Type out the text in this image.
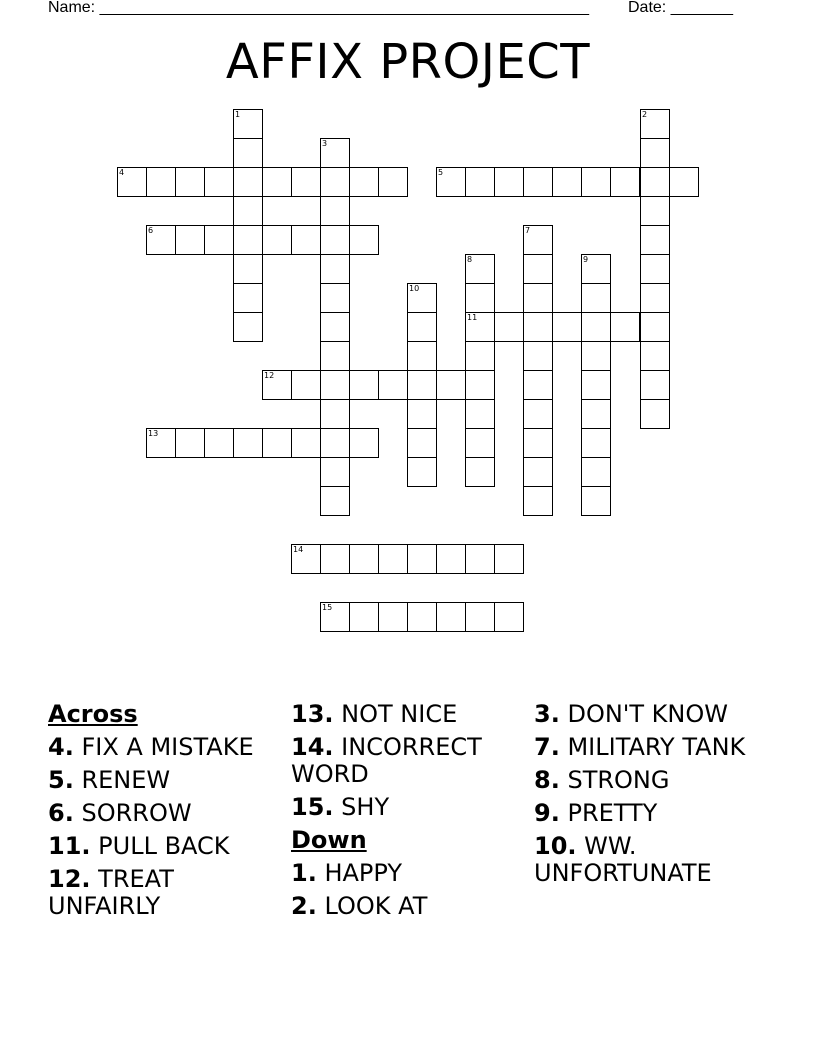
Name: _______________________________________________________ Date: _______
AFFIX PROJECT
1	2
3
4	5
6	7
8
11
9
10
12
13
14
15
Across
4. FIX A MISTAKE
5. RENEW
6. SORROW
11. PULL BACK
12. TREAT UNFAIRLY
13. NOT NICE
14. INCORRECT WORD
15. SHY
Down
1. HAPPY
2. LOOK AT
3. DON'T KNOW
7. MILITARY TANK
8. STRONG
9. PRETTY
10. WW. UNFORTUNATE
